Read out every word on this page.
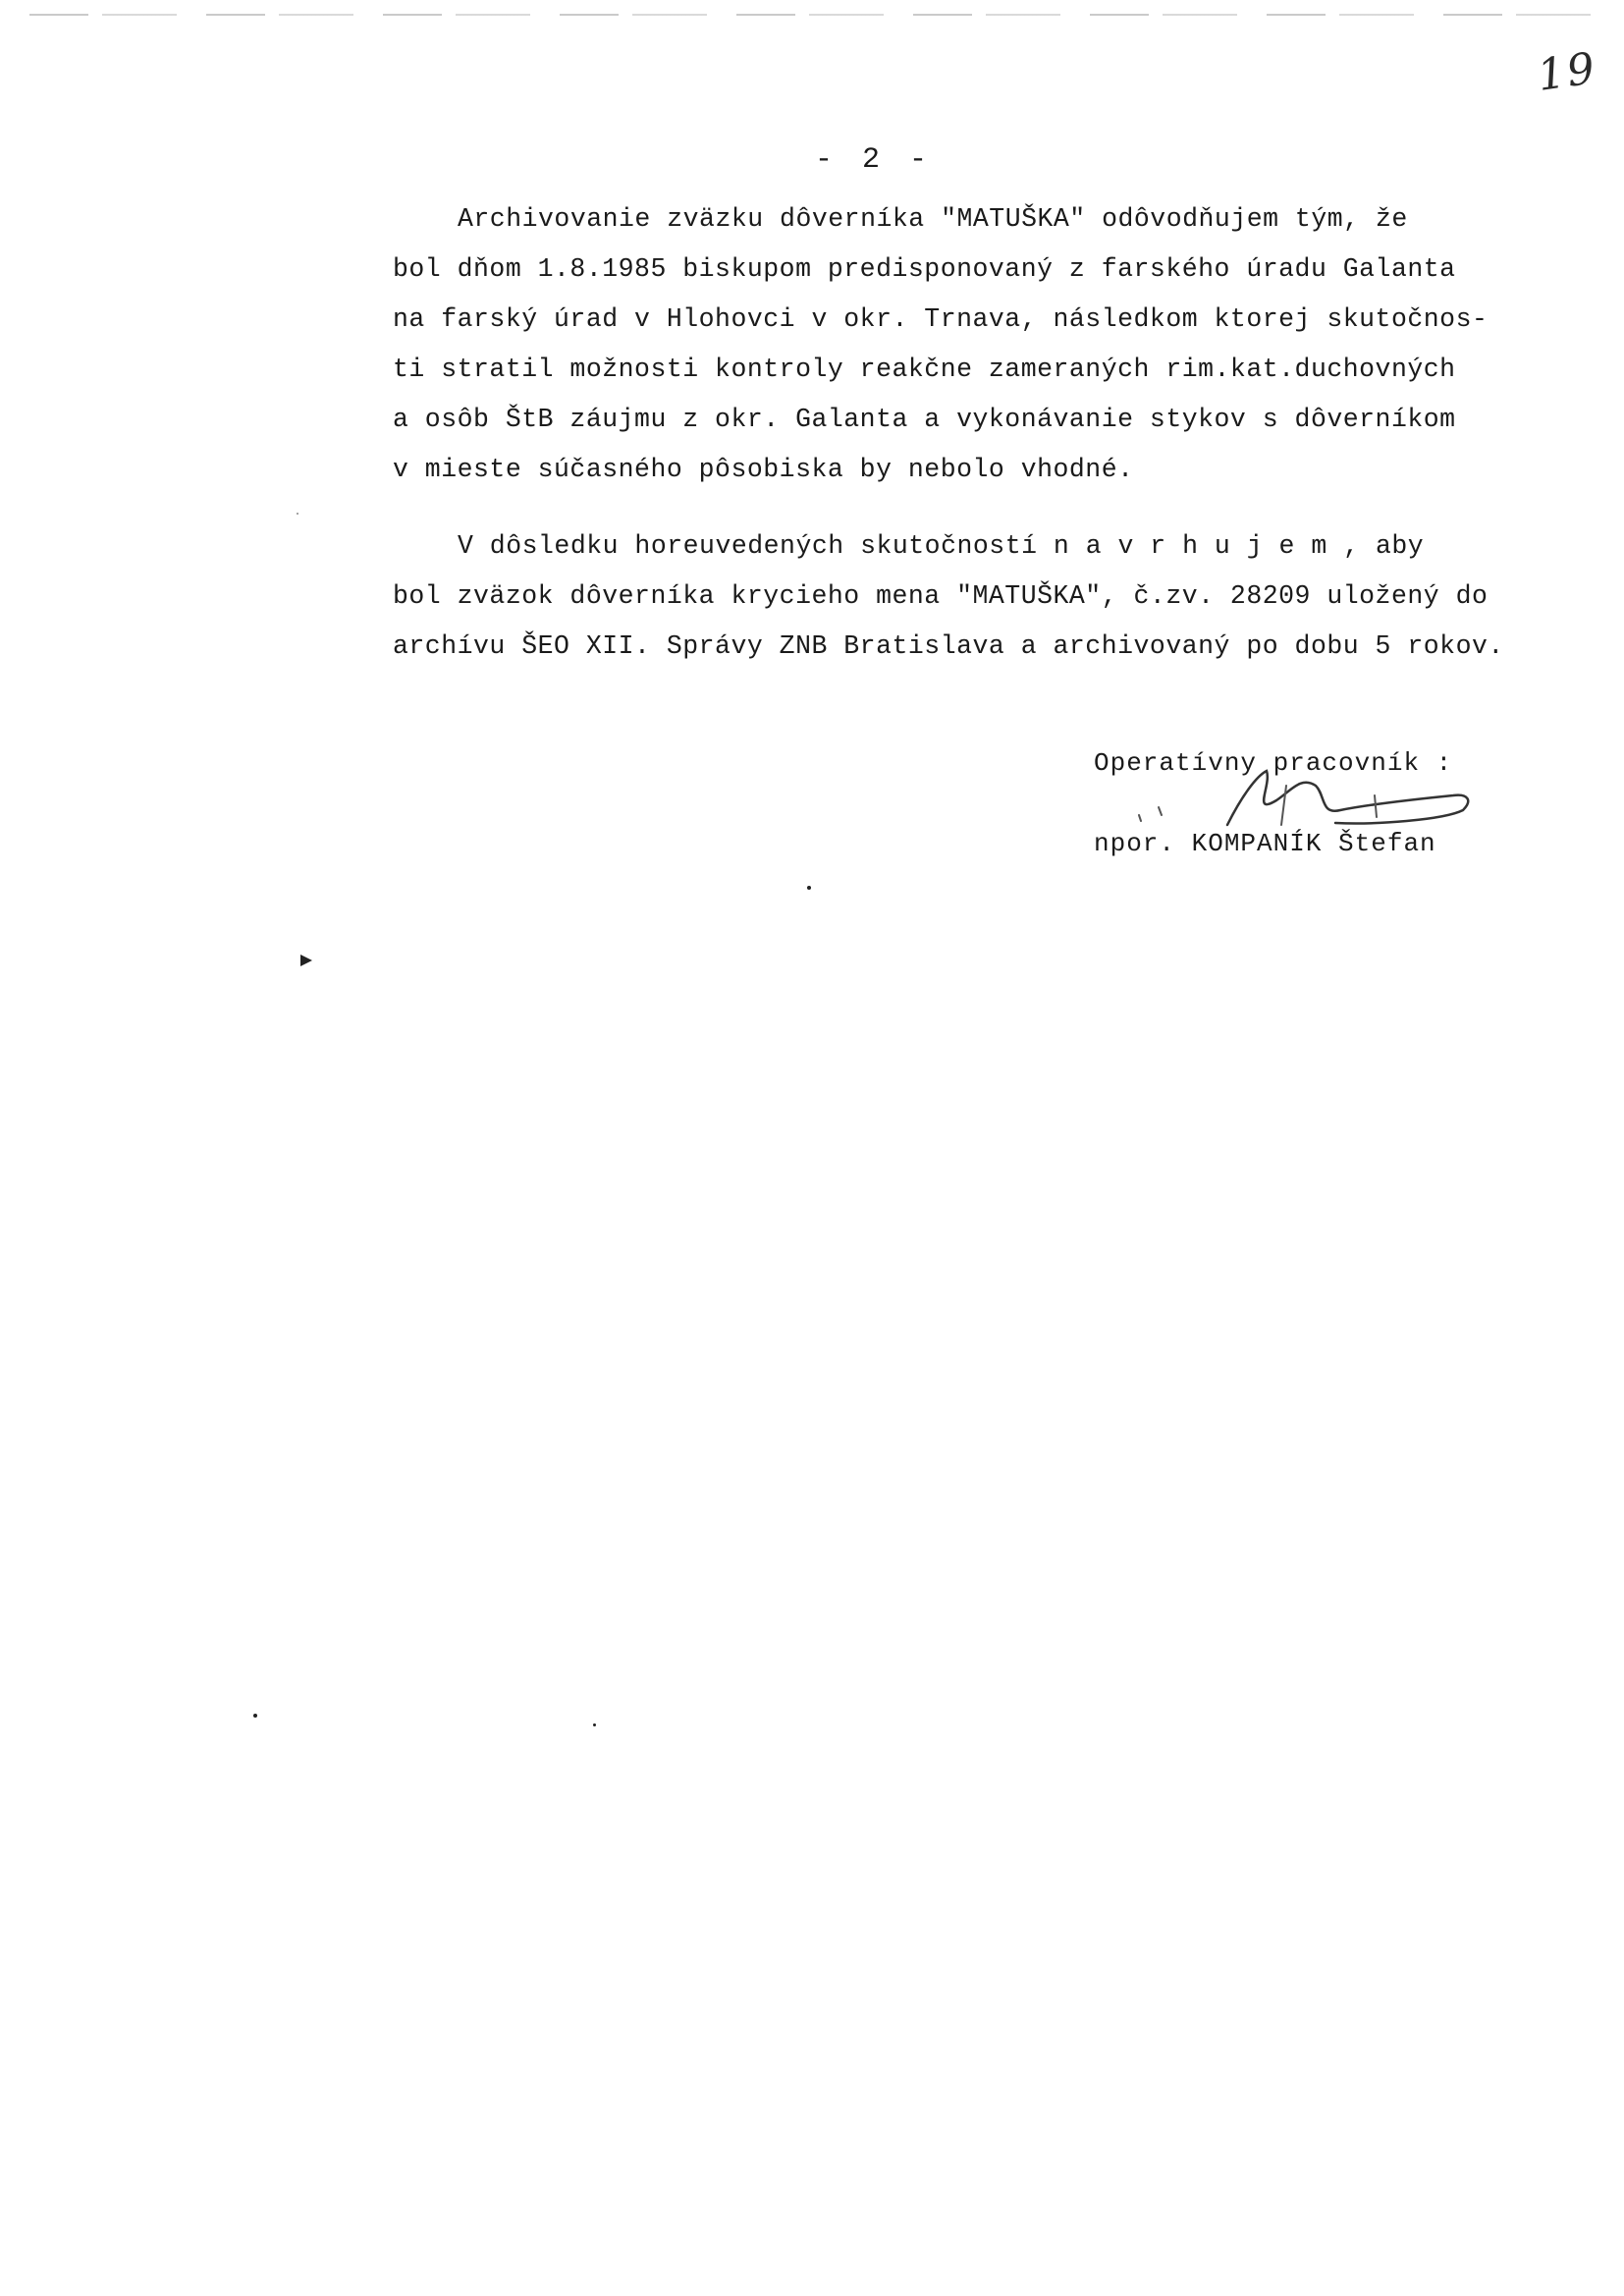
19
- 2 -
Archivovanie zväzku dôverníka "MATUŠKA" odôvodňujem tým, že
bol dňom 1.8.1985 biskupom predisponovaný z farského úradu Galanta
na farský úrad v Hlohovci v okr. Trnava, následkom ktorej skutočnos-
ti stratil možnosti kontroly reakčne zameraných rim.kat.duchovných
a osôb ŠtB záujmu z okr. Galanta a vykonávanie stykov s dôverníkom
v mieste súčasného pôsobiska by nebolo vhodné.
V dôsledku horeuvedených skutočností n a v r h u j e m , aby
bol zväzok dôverníka krycieho mena "MATUŠKA", č.zv. 28209 uložený do
archívu ŠEO XII. Správy ZNB Bratislava a archivovaný po dobu 5 rokov.
Operatívny pracovník :
npor. KOMPANÍK Štefan
